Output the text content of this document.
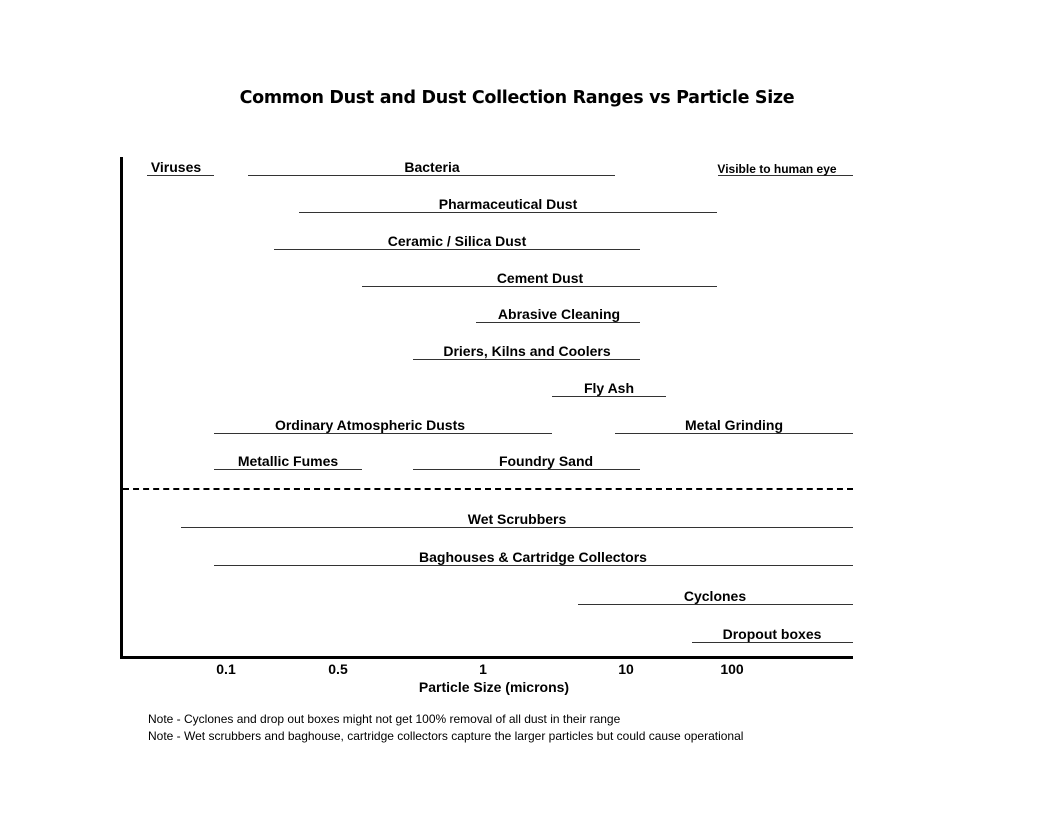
Common Dust and Dust Collection Ranges vs Particle Size
Viruses	Bacteria	Visible to human eye
Pharmaceutical Dust
Ceramic / Silica Dust
Cement Dust
Abrasive Cleaning
Driers, Kilns and Coolers
Fly Ash
Ordinary Atmospheric Dusts	Metal Grinding
Metallic Fumes	Foundry Sand
Wet Scrubbers
Baghouses & Cartridge Collectors
Cyclones
Dropout boxes
0.1	0.5	1	10	100
Particle Size (microns)
Note - Cyclones and drop out boxes might not get 100% removal of all dust in their range
Note - Wet scrubbers and baghouse, cartridge collectors capture the larger particles but could cause operational
